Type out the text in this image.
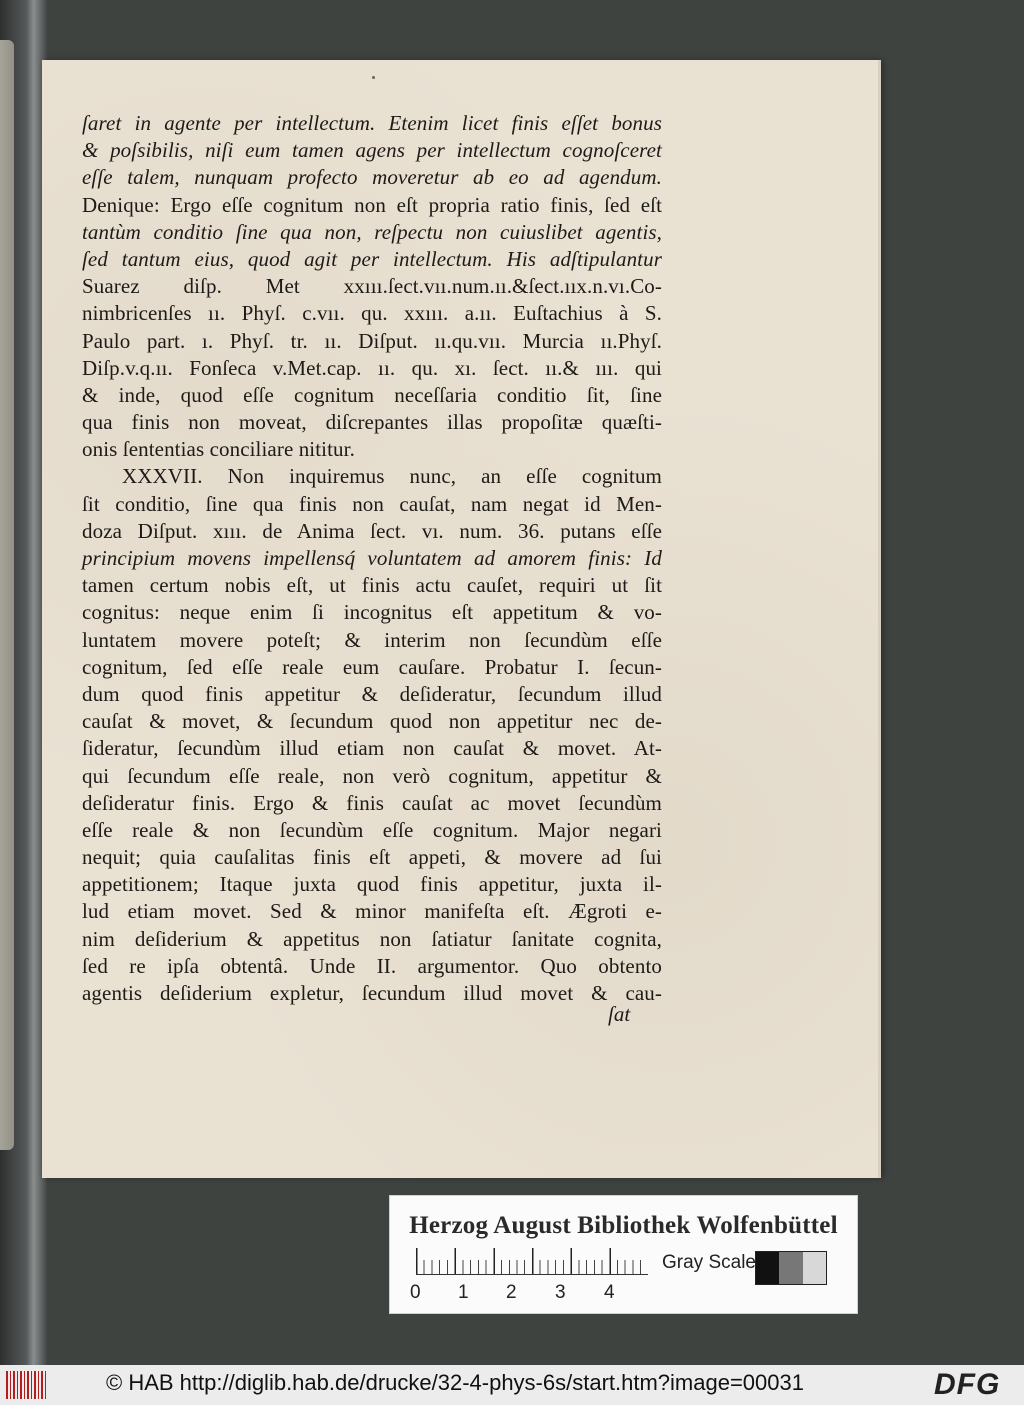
ſaret in agente per intellectum. Etenim licet finis eſſet bonus
& poſsibilis, niſi eum tamen agens per intellectum cognoſceret
eſſe talem, nunquam profecto moveretur ab eo ad agendum.
Denique: Ergo eſſe cognitum non eſt propria ratio finis, ſed eſt
tantùm conditio ſine qua non, reſpectu non cuiuslibet agentis,
ſed tantum eius, quod agit per intellectum. His adſtipulantur
Suarez diſp. Met xxııı.ſect.vıı.num.ıı.&ſect.ııx.n.vı.Co-
nimbricenſes ıı. Phyſ. c.vıı. qu. xxııı. a.ıı. Euſtachius à S.
Paulo part. ı. Phyſ. tr. ıı. Diſput. ıı.qu.vıı. Murcia ıı.Phyſ.
Diſp.v.q.ıı. Fonſeca v.Met.cap. ıı. qu. xı. ſect. ıı.& ııı. qui
& inde, quod eſſe cognitum neceſſaria conditio ſit, ſine
qua finis non moveat, diſcrepantes illas propoſitæ quæſti-
onis ſententias conciliare nititur.
XXXVII. Non inquiremus nunc, an eſſe cognitum
ſit conditio, ſine qua finis non cauſat, nam negat id Men-
doza Diſput. xııı. de Anima ſect. vı. num. 36. putans eſſe
principium movens impellensq́ voluntatem ad amorem finis: Id
tamen certum nobis eſt, ut finis actu cauſet, requiri ut ſit
cognitus: neque enim ſi incognitus eſt appetitum & vo-
luntatem movere poteſt; & interim non ſecundùm eſſe
cognitum, ſed eſſe reale eum cauſare. Probatur I. ſecun-
dum quod finis appetitur & deſideratur, ſecundum illud
cauſat & movet, & ſecundum quod non appetitur nec de-
ſideratur, ſecundùm illud etiam non cauſat & movet. At-
qui ſecundum eſſe reale, non verò cognitum, appetitur &
deſideratur finis. Ergo & finis cauſat ac movet ſecundùm
eſſe reale & non ſecundùm eſſe cognitum. Major negari
nequit; quia cauſalitas finis eſt appeti, & movere ad ſui
appetitionem; Itaque juxta quod finis appetitur, juxta il-
lud etiam movet. Sed & minor manifeſta eſt. Ægroti e-
nim deſiderium & appetitus non ſatiatur ſanitate cognita,
ſed re ipſa obtentâ. Unde II. argumentor. Quo obtento
agentis deſiderium expletur, ſecundum illud movet & cau-
ſat
Herzog August Bibliothek Wolfenbüttel
0 1 2 3 4
Gray Scale
© HAB http://diglib.hab.de/drucke/32-4-phys-6s/start.htm?image=00031	DFG
